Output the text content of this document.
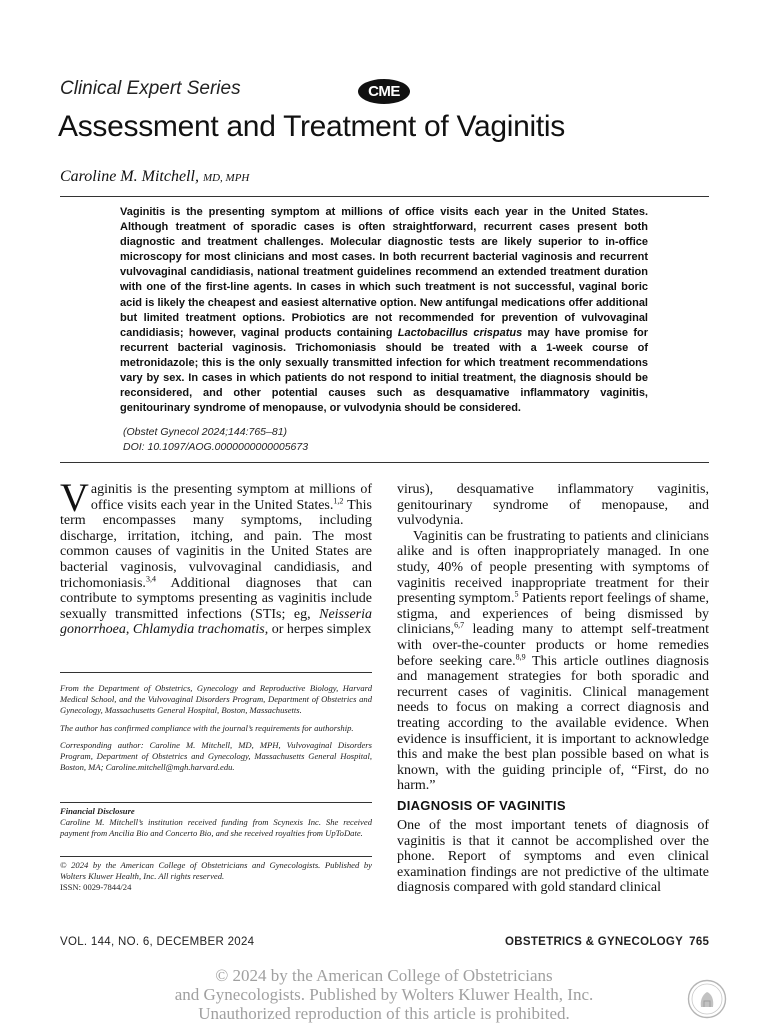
Clinical Expert Series	CME
Assessment and Treatment of Vaginitis
Caroline M. Mitchell, MD, MPH

Vaginitis is the presenting symptom at millions of office visits each year in the United States. Although treatment of sporadic cases is often straightforward, recurrent cases present both diagnostic and treatment challenges. Molecular diagnostic tests are likely superior to in-office microscopy for most clinicians and most cases. In both recurrent bacterial vaginosis and recurrent vulvovaginal candidiasis, national treatment guidelines recommend an extended treatment duration with one of the first-line agents. In cases in which such treatment is not successful, vaginal boric acid is likely the cheapest and easiest alternative option. New antifungal medications offer additional but limited treatment options. Probiotics are not recommended for prevention of vulvovaginal candidiasis; however, vaginal products containing Lactobacillus crispatus may have promise for recurrent bacterial vaginosis. Trichomoniasis should be treated with a 1-week course of metronidazole; this is the only sexually transmitted infection for which treatment recommendations vary by sex. In cases in which patients do not respond to initial treatment, the diagnosis should be reconsidered, and other potential causes such as desquamative inflammatory vaginitis, genitourinary syndrome of menopause, or vulvodynia should be considered.

(Obstet Gynecol 2024;144:765–81)
DOI: 10.1097/AOG.0000000000005673

Vaginitis is the presenting symptom at millions of office visits each year in the United States.$^{1,2}$ This term encompasses many symptoms, including discharge, irritation, itching, and pain. The most common causes of vaginitis in the United States are bacterial vaginosis, vulvovaginal candidiasis, and trichomoniasis.$^{3,4}$ Additional diagnoses that can contribute to symptoms presenting as vaginitis include sexually transmitted infections (STIs; eg, Neisseria gonorrhoea, Chlamydia trachomatis, or herpes simplex

From the Department of Obstetrics, Gynecology and Reproductive Biology, Harvard Medical School, and the Vulvovaginal Disorders Program, Department of Obstetrics and Gynecology, Massachusetts General Hospital, Boston, Massachusetts.

The author has confirmed compliance with the journal’s requirements for authorship.

Corresponding author: Caroline M. Mitchell, MD, MPH, Vulvovaginal Disorders Program, Department of Obstetrics and Gynecology, Massachusetts General Hospital, Boston, MA; Caroline.mitchell@mgh.harvard.edu.

Financial Disclosure

Caroline M. Mitchell’s institution received funding from Scynexis Inc. She received payment from Ancilia Bio and Concerto Bio, and she received royalties from UpToDate.

© 2024 by the American College of Obstetricians and Gynecologists. Published by Wolters Kluwer Health, Inc. All rights reserved.

ISSN: 0029-7844/24

virus), desquamative inflammatory vaginitis, genitourinary syndrome of menopause, and vulvodynia.

Vaginitis can be frustrating to patients and clinicians alike and is often inappropriately managed. In one study, 40% of people presenting with symptoms of vaginitis received inappropriate treatment for their presenting symptom.$^5$ Patients report feelings of shame, stigma, and experiences of being dismissed by clinicians,$^{6,7}$ leading many to attempt self-treatment with over-the-counter products or home remedies before seeking care.$^{8,9}$ This article outlines diagnosis and management strategies for both sporadic and recurrent cases of vaginitis. Clinical management needs to focus on making a correct diagnosis and treating according to the available evidence. When evidence is insufficient, it is important to acknowledge this and make the best plan possible based on what is known, with the guiding principle of, “First, do no harm.”

DIAGNOSIS OF VAGINITIS

One of the most important tenets of diagnosis of vaginitis is that it cannot be accomplished over the phone. Report of symptoms and even clinical examination findings are not predictive of the ultimate diagnosis compared with gold standard clinical

VOL. 144, NO. 6, DECEMBER 2024	OBSTETRICS & GYNECOLOGY 765
© 2024 by the American College of Obstetricians
and Gynecologists. Published by Wolters Kluwer Health, Inc.
Unauthorized reproduction of this article is prohibited.
